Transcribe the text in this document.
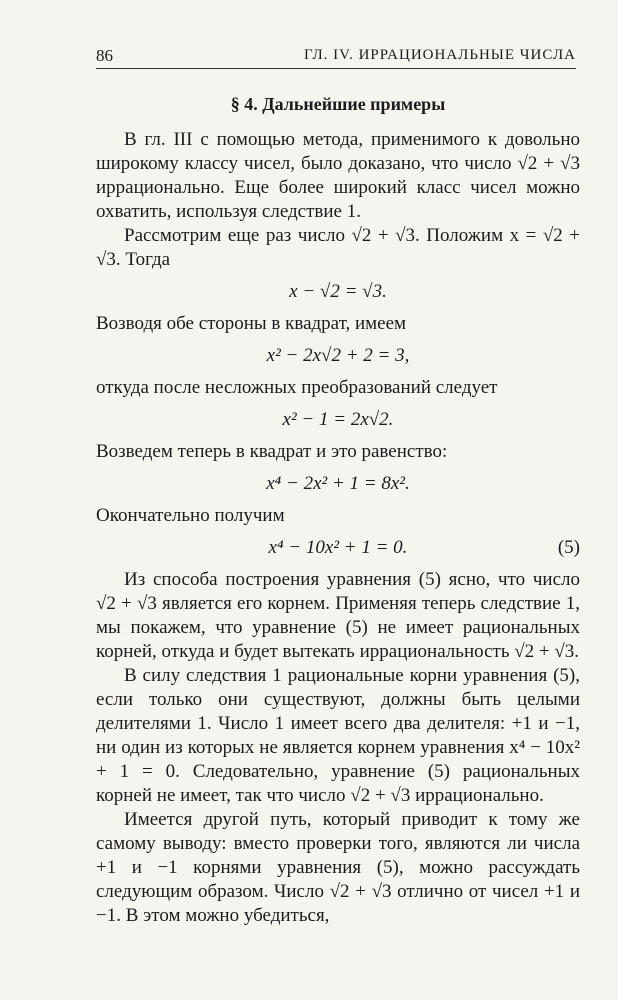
86	ГЛ. IV. ИРРАЦИОНАЛЬНЫЕ ЧИСЛА
§ 4. Дальнейшие примеры

В гл. III с помощью метода, применимого к довольно широкому классу чисел, было доказано, что число √2 + √3 иррационально. Еще более широкий класс чисел можно охватить, используя следствие 1.

Рассмотрим еще раз число √2 + √3. Положим x = √2 + √3. Тогда

x − √2 = √3.

Возводя обе стороны в квадрат, имеем

x² − 2x√2 + 2 = 3,

откуда после несложных преобразований следует

x² − 1 = 2x√2.

Возведем теперь в квадрат и это равенство:

x⁴ − 2x² + 1 = 8x².

Окончательно получим

x⁴ − 10x² + 1 = 0.	(5)

Из способа построения уравнения (5) ясно, что число √2 + √3 является его корнем. Применяя теперь следствие 1, мы покажем, что уравнение (5) не имеет рациональных корней, откуда и будет вытекать иррациональность √2 + √3.

В силу следствия 1 рациональные корни уравнения (5), если только они существуют, должны быть целыми делителями 1. Число 1 имеет всего два делителя: +1 и −1, ни один из которых не является корнем уравнения x⁴ − 10x² + 1 = 0. Следовательно, уравнение (5) рациональных корней не имеет, так что число √2 + √3 иррационально.

Имеется другой путь, который приводит к тому же самому выводу: вместо проверки того, являются ли числа +1 и −1 корнями уравнения (5), можно рассуждать следующим образом. Число √2 + √3 отлично от чисел +1 и −1. В этом можно убедиться,
